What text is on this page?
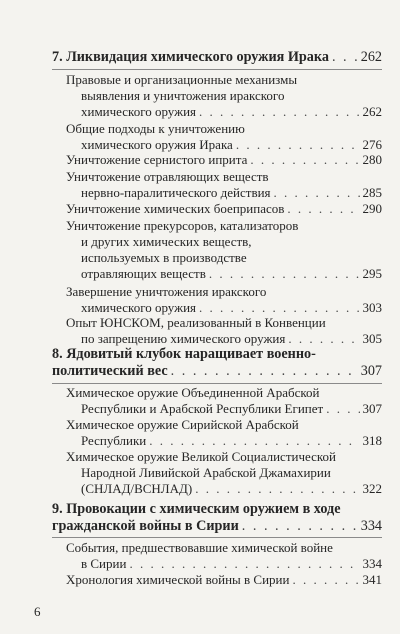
7. Ликвидация химического оружия Ирака . . . 262
Правовые и организационные механизмы
выявления и уничтожения иракского
химического оружия . . .	262
Общие подходы к уничтожению
химического оружия Ирака . . .	276
Уничтожение сернистого иприта . . .	280
Уничтожение отравляющих веществ
нервно-паралитического действия . . .	285
Уничтожение химических боеприпасов . . .	290
Уничтожение прекурсоров, катализаторов
и других химических веществ,
используемых в производстве
отравляющих веществ . . .	295
Завершение уничтожения иракского
химического оружия . . .	303
Опыт ЮНСКОМ, реализованный в Конвенции
по запрещению химического оружия . . .	305
8. Ядовитый клубок наращивает военно-
политический вес . . .	307
Химическое оружие Объединенной Арабской
Республики и Арабской Республики Египет . . .	307
Химическое оружие Сирийской Арабской
Республики . . .	318
Химическое оружие Великой Социалистической
Народной Ливийской Арабской Джамахирии
(СНЛАД/ВСНЛАД) . . .	322
9. Провокации с химическим оружием в ходе
гражданской войны в Сирии . . .	334
События, предшествовавшие химической войне
в Сирии . . .	334
Хронология химической войны в Сирии . . .	341
6
